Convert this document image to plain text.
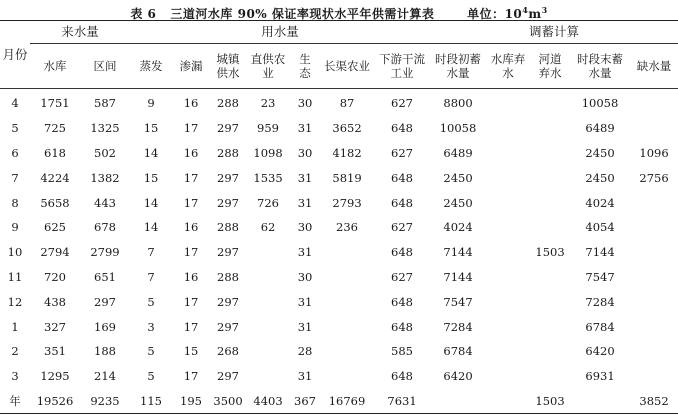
表 6 三道河水库 90% 保证率现状水平年供需计算表	单位：$10^4m^3$
月份	来水量		用水量							调蓄计算				
	水库	区间	蒸发	渗漏	城镇供水	直供农业	生态	长渠农业	下游干流工业	时段初蓄水量	水库弃水	河道弃水	时段末蓄水量	缺水量
4	1751	587	9	16	288	23	30	87	627	8800			10058	
5	725	1325	15	17	297	959	31	3652	648	10058			6489	
6	618	502	14	16	288	1098	30	4182	627	6489			2450	1096
7	4224	1382	15	17	297	1535	31	5819	648	2450			2450	2756
8	5658	443	14	17	297	726	31	2793	648	2450			4024	
9	625	678	14	16	288	62	30	236	627	4024			4054	
10	2794	2799	7	17	297		31		648	7144		1503	7144	
11	720	651	7	16	288		30		627	7144			7547	
12	438	297	5	17	297		31		648	7547			7284	
1	327	169	3	17	297		31		648	7284			6784	
2	351	188	5	15	268		28		585	6784			6420	
3	1295	214	5	17	297		31		648	6420			6931	
年	19526	9235	115	195	3500	4403	367	16769	7631			1503		3852
